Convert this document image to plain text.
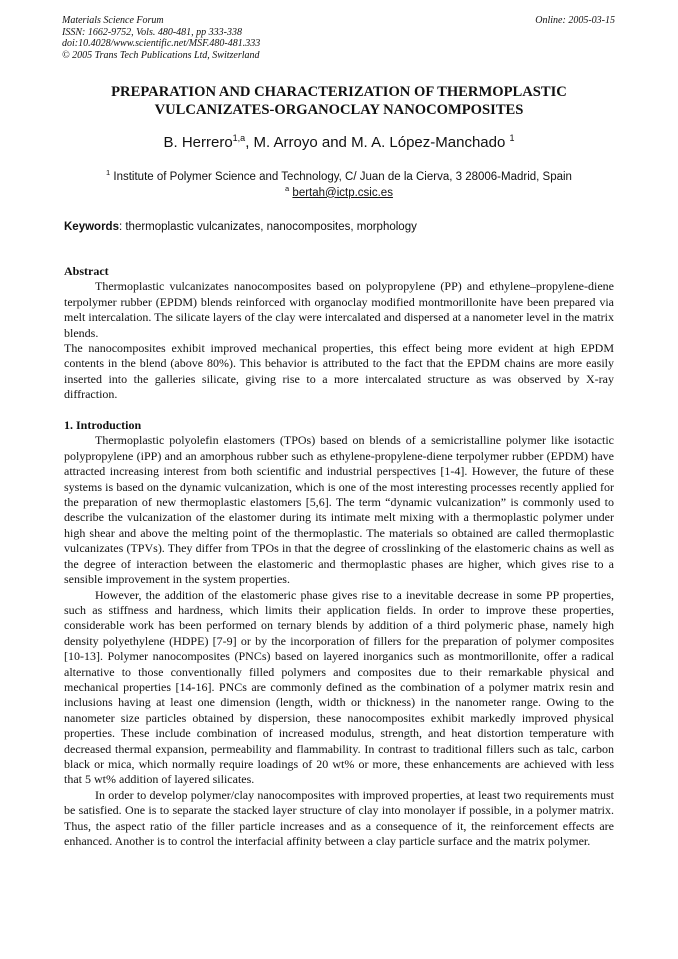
Materials Science Forum
ISSN: 1662-9752, Vols. 480-481, pp 333-338
doi:10.4028/www.scientific.net/MSF.480-481.333
© 2005 Trans Tech Publications Ltd, Switzerland
Online: 2005-03-15
PREPARATION AND CHARACTERIZATION OF THERMOPLASTIC
VULCANIZATES-ORGANOCLAY NANOCOMPOSITES
B. Herrero$^{1,a}$, M. Arroyo and M. A. López-Manchado $^1$
$^1$ Institute of Polymer Science and Technology, C/ Juan de la Cierva, 3 28006-Madrid, Spain
$^a$ bertah@ictp.csic.es
Keywords: thermoplastic vulcanizates, nanocomposites, morphology

Abstract

Thermoplastic vulcanizates nanocomposites based on polypropylene (PP) and ethylene–propylene-diene terpolymer rubber (EPDM) blends reinforced with organoclay modified montmorillonite have been prepared via melt intercalation. The silicate layers of the clay were intercalated and dispersed at a nanometer level in the matrix blends.

The nanocomposites exhibit improved mechanical properties, this effect being more evident at high EPDM contents in the blend (above 80%). This behavior is attributed to the fact that the EPDM chains are more easily inserted into the galleries silicate, giving rise to a more intercalated structure as was observed by X-ray diffraction.

1. Introduction

Thermoplastic polyolefin elastomers (TPOs) based on blends of a semicristalline polymer like isotactic polypropylene (iPP) and an amorphous rubber such as ethylene-propylene-diene terpolymer rubber (EPDM) have attracted increasing interest from both scientific and industrial perspectives [1-4]. However, the future of these systems is based on the dynamic vulcanization, which is one of the most interesting processes recently applied for the preparation of new thermoplastic elastomers [5,6]. The term “dynamic vulcanization” is commonly used to describe the vulcanization of the elastomer during its intimate melt mixing with a thermoplastic polymer under high shear and above the melting point of the thermoplastic. The materials so obtained are called thermoplastic vulcanizates (TPVs). They differ from TPOs in that the degree of crosslinking of the elastomeric chains as well as the degree of interaction between the elastomeric and thermoplastic phases are higher, which gives rise to a sensible improvement in the system properties.

However, the addition of the elastomeric phase gives rise to a inevitable decrease in some PP properties, such as stiffness and hardness, which limits their application fields. In order to improve these properties, considerable work has been performed on ternary blends by addition of a third polymeric phase, namely high density polyethylene (HDPE) [7-9] or by the incorporation of fillers for the preparation of polymer composites [10-13]. Polymer nanocomposites (PNCs) based on layered inorganics such as montmorillonite, offer a radical alternative to those conventionally filled polymers and composites due to their remarkable physical and mechanical properties [14-16]. PNCs are commonly defined as the combination of a polymer matrix resin and inclusions having at least one dimension (length, width or thickness) in the nanometer range. Owing to the nanometer size particles obtained by dispersion, these nanocomposites exhibit markedly improved physical properties. These include combination of increased modulus, strength, and heat distortion temperature with decreased thermal expansion, permeability and flammability. In contrast to traditional fillers such as talc, carbon black or mica, which normally require loadings of 20 wt% or more, these enhancements are achieved with less that 5 wt% addition of layered silicates.

In order to develop polymer/clay nanocomposites with improved properties, at least two requirements must be satisfied. One is to separate the stacked layer structure of clay into monolayer if possible, in a polymer matrix. Thus, the aspect ratio of the filler particle increases and as a consequence of it, the reinforcement effects are enhanced. Another is to control the interfacial affinity between a clay particle surface and the matrix polymer.
